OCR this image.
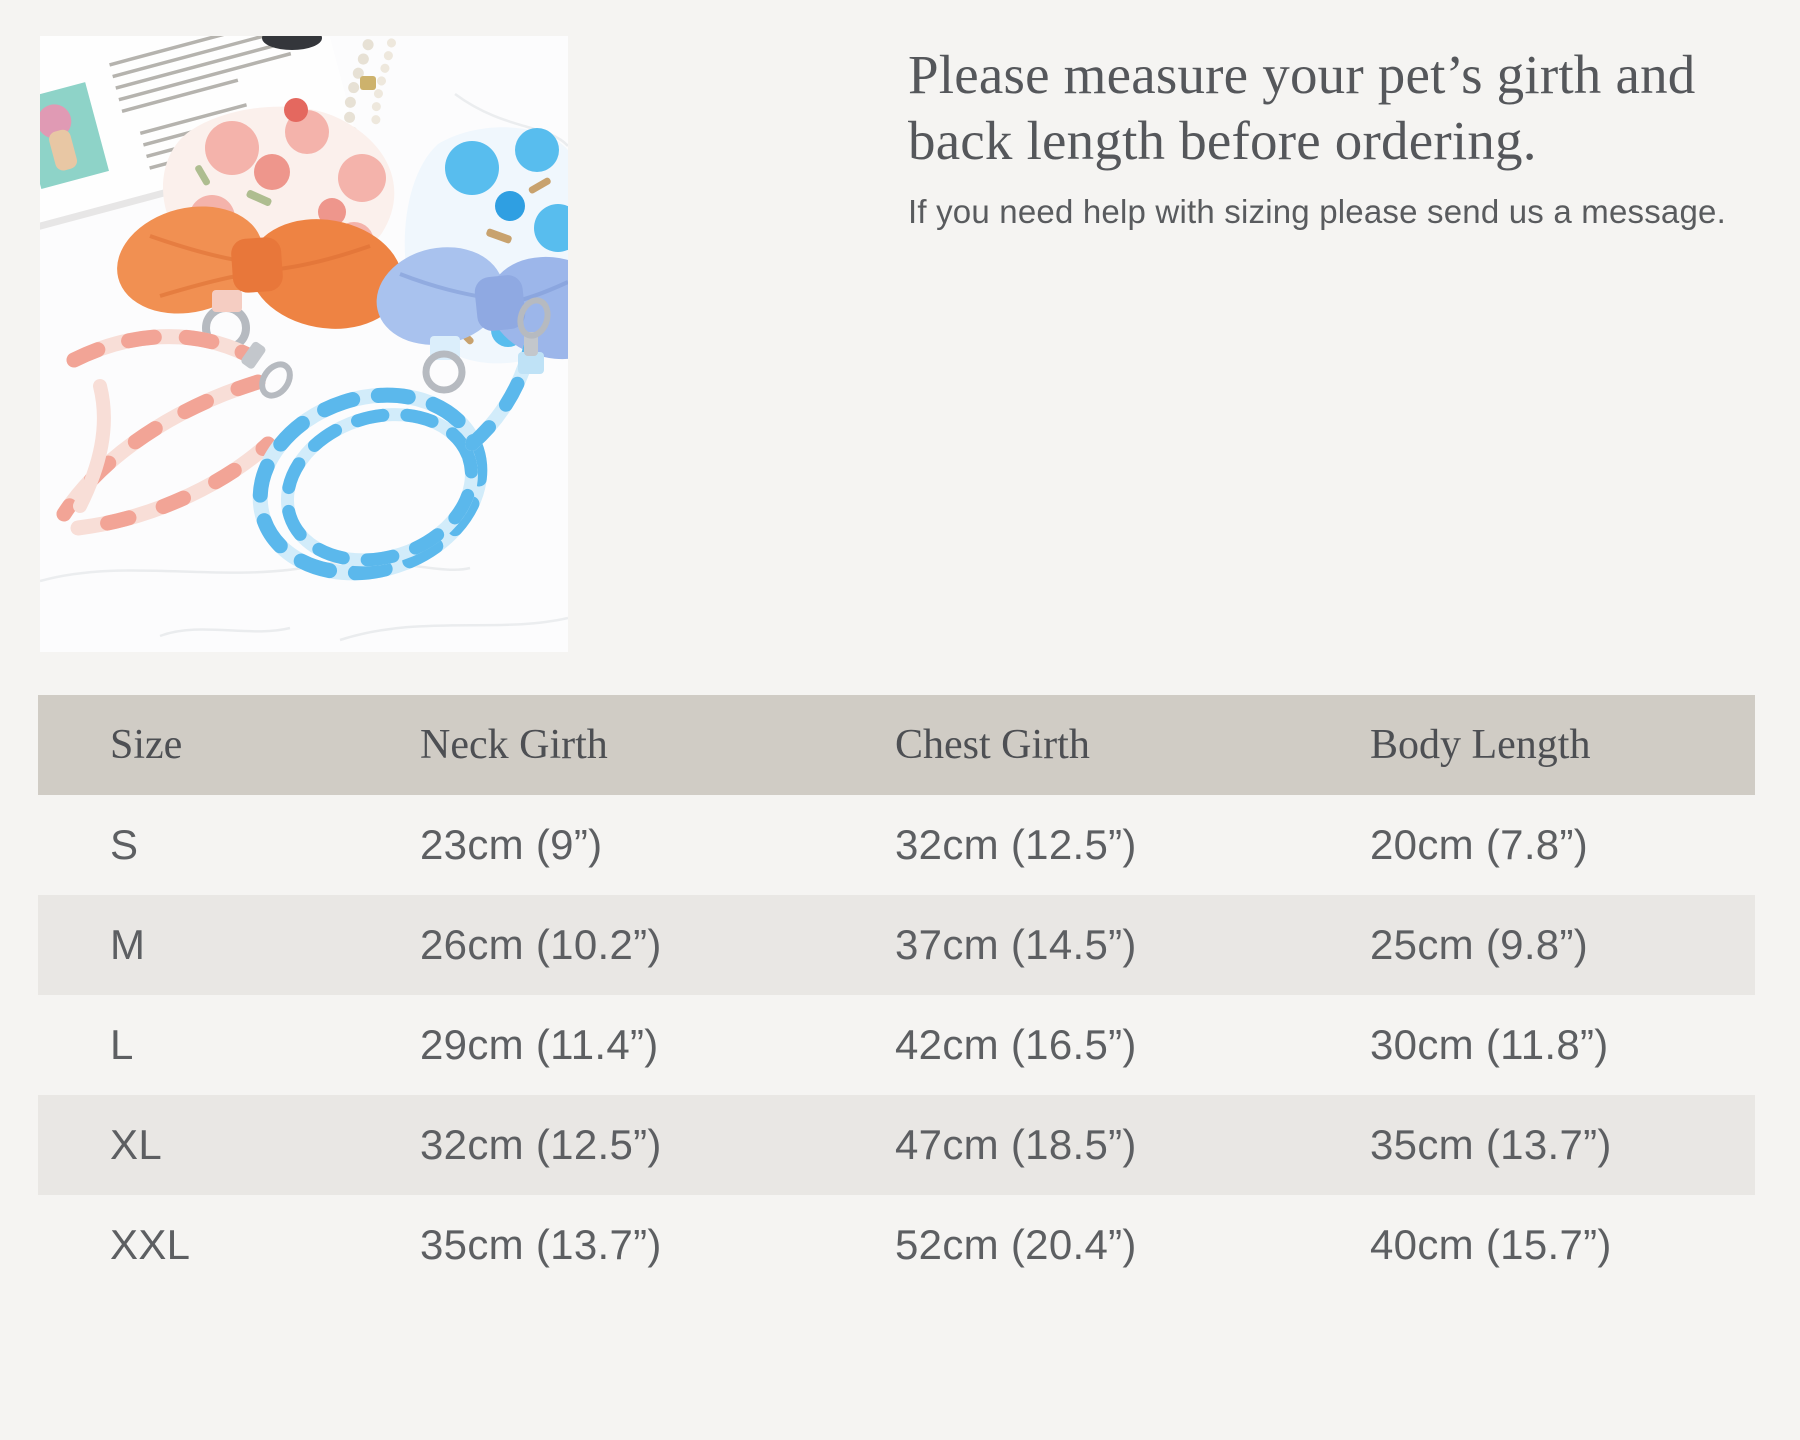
Please measure your pet’s girth and
back length before ordering.
If you need help with sizing please send us a message.
Size	Neck Girth	Chest Girth	Body Length
S	23cm (9”)	32cm (12.5”)	20cm (7.8”)
M	26cm (10.2”)	37cm (14.5”)	25cm (9.8”)
L	29cm (11.4”)	42cm (16.5”)	30cm (11.8”)
XL	32cm (12.5”)	47cm (18.5”)	35cm (13.7”)
XXL	35cm (13.7”)	52cm (20.4”)	40cm (15.7”)
